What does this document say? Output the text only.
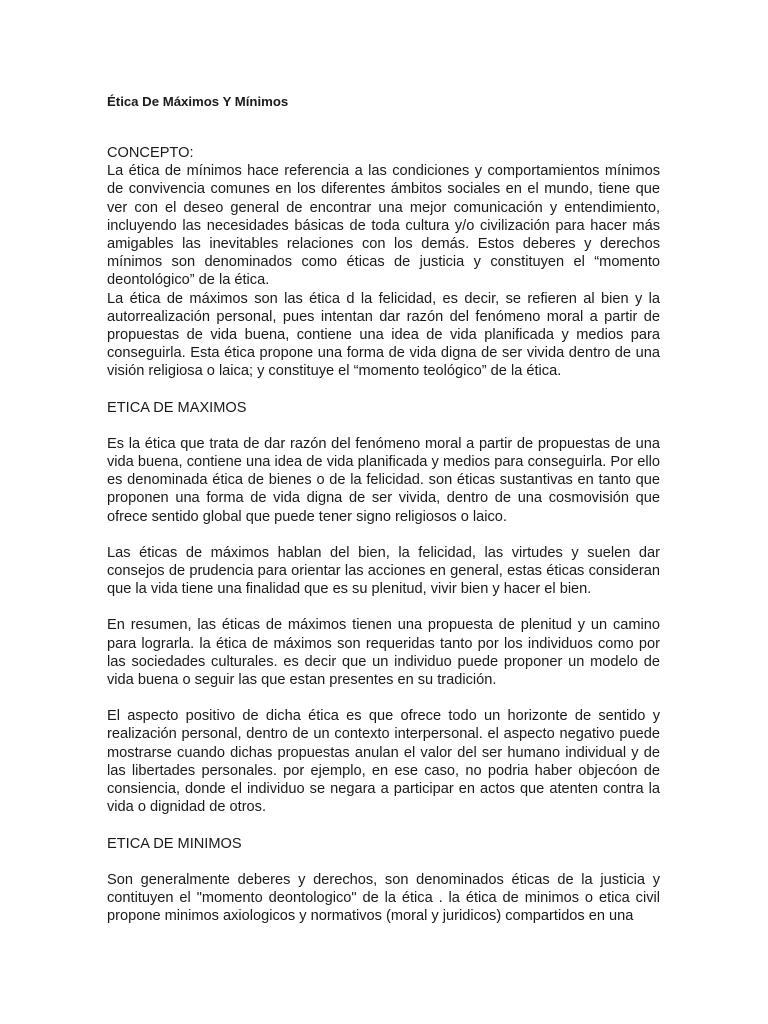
Ética De Máximos Y Mínimos

CONCEPTO:

La ética de mínimos hace referencia a las condiciones y comportamientos mínimos de convivencia comunes en los diferentes ámbitos sociales en el mundo, tiene que ver con el deseo general de encontrar una mejor comunicación y entendimiento, incluyendo las necesidades básicas de toda cultura y/o civilización para hacer más amigables las inevitables relaciones con los demás. Estos deberes y derechos mínimos son denominados como éticas de justicia y constituyen el “momento deontológico” de la ética.

La ética de máximos son las ética d la felicidad, es decir, se refieren al bien y la autorrealización personal, pues intentan dar razón del fenómeno moral a partir de propuestas de vida buena, contiene una idea de vida planificada y medios para conseguirla. Esta ética propone una forma de vida digna de ser vivida dentro de una visión religiosa o laica; y constituye el “momento teológico” de la ética.

ETICA DE MAXIMOS

Es la ética que trata de dar razón del fenómeno moral a partir de propuestas de una vida buena, contiene una idea de vida planificada y medios para conseguirla. Por ello es denominada ética de bienes o de la felicidad. son éticas sustantivas en tanto que proponen una forma de vida digna de ser vivida, dentro de una cosmovisión que ofrece sentido global que puede tener signo religiosos o laico.

Las éticas de máximos hablan del bien, la felicidad, las virtudes y suelen dar consejos de prudencia para orientar las acciones en general, estas éticas consideran que la vida tiene una finalidad que es su plenitud, vivir bien y hacer el bien.

En resumen, las éticas de máximos tienen una propuesta de plenitud y un camino para lograrla. la ética de máximos son requeridas tanto por los individuos como por las sociedades culturales. es decir que un individuo puede proponer un modelo de vida buena o seguir las que estan presentes en su tradición.

El aspecto positivo de dicha ética es que ofrece todo un horizonte de sentido y realización personal, dentro de un contexto interpersonal. el aspecto negativo puede mostrarse cuando dichas propuestas anulan el valor del ser humano individual y de las libertades personales. por ejemplo, en ese caso, no podria haber objecóon de consiencia, donde el individuo se negara a participar en actos que atenten contra la vida o dignidad de otros.

ETICA DE MINIMOS

Son generalmente deberes y derechos, son denominados éticas de la justicia y contituyen el "momento deontologico" de la ética . la ética de minimos o etica civil propone minimos axiologicos y normativos (moral y juridicos) compartidos en una
